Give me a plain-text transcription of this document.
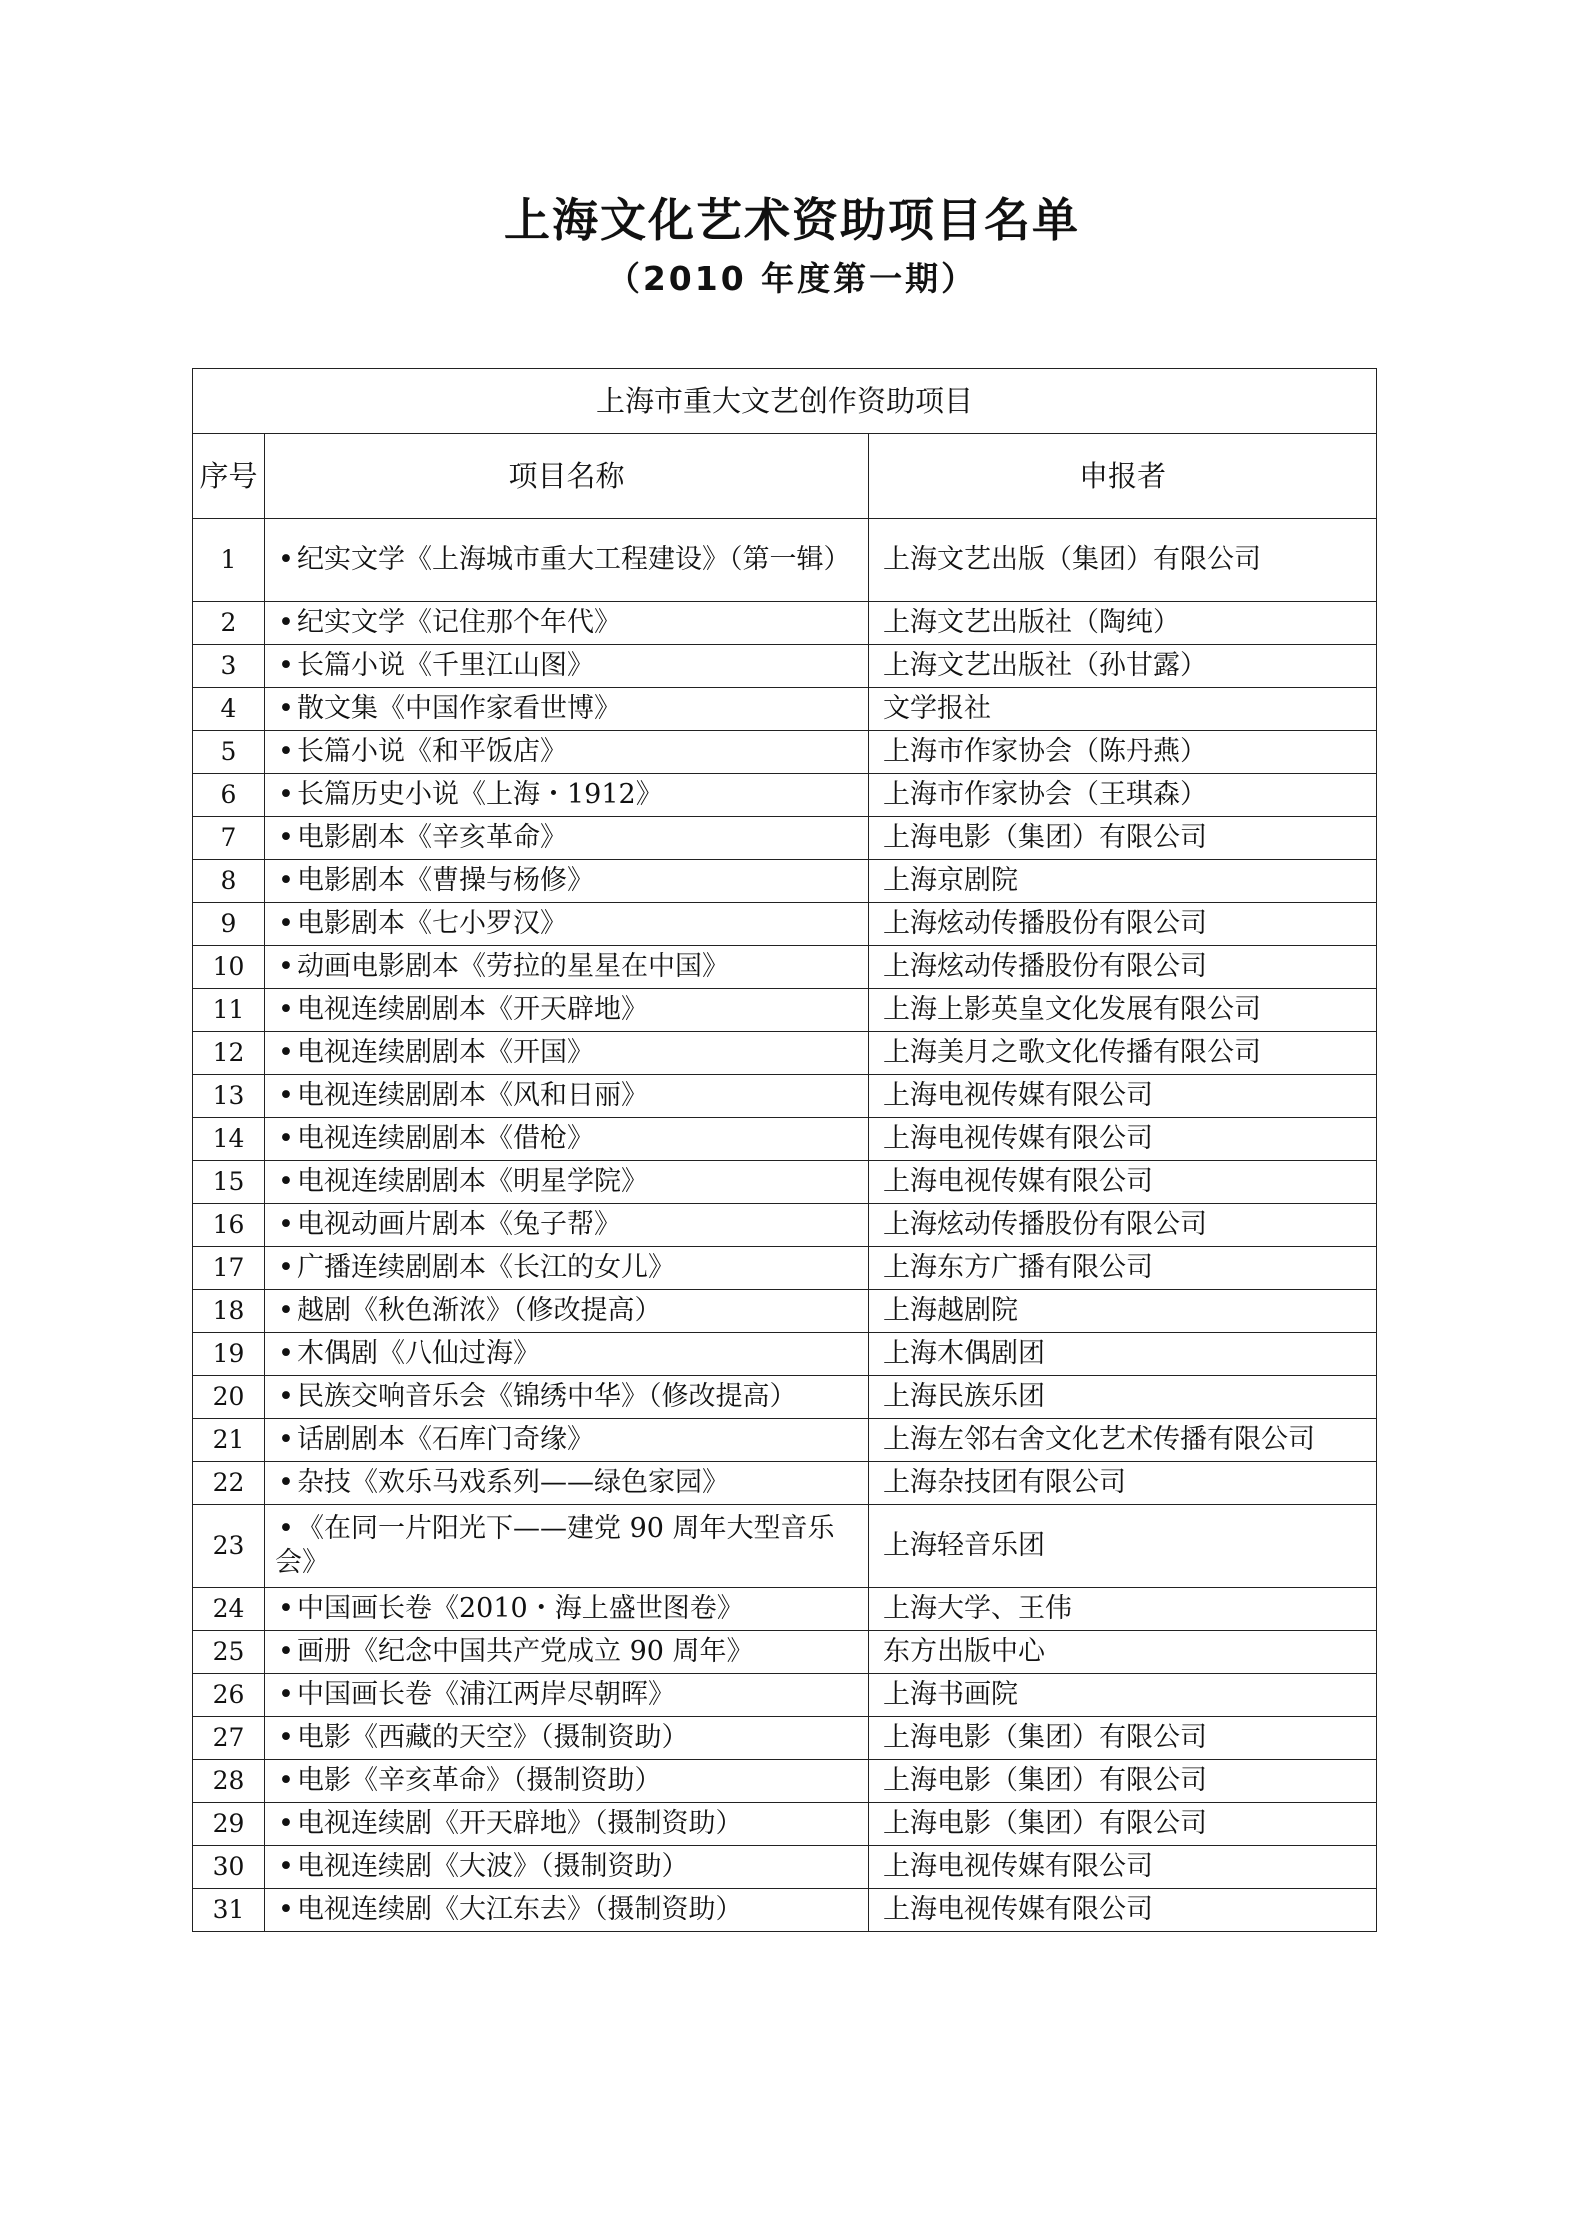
上海文化艺术资助项目名单
（2010 年度第一期）
上海市重大文艺创作资助项目		
序号	项目名称	申报者
1	• 纪实文学《上海城市重大工程建设》（第一辑）	上海文艺出版（集团）有限公司
2	• 纪实文学《记住那个年代》	上海文艺出版社（陶纯）
3	• 长篇小说《千里江山图》	上海文艺出版社（孙甘露）
4	• 散文集《中国作家看世博》	文学报社
5	• 长篇小说《和平饭店》	上海市作家协会（陈丹燕）
6	• 长篇历史小说《上海・1912》	上海市作家协会（王琪森）
7	• 电影剧本《辛亥革命》	上海电影（集团）有限公司
8	• 电影剧本《曹操与杨修》	上海京剧院
9	• 电影剧本《七小罗汉》	上海炫动传播股份有限公司
10	• 动画电影剧本《劳拉的星星在中国》	上海炫动传播股份有限公司
11	• 电视连续剧剧本《开天辟地》	上海上影英皇文化发展有限公司
12	• 电视连续剧剧本《开国》	上海美月之歌文化传播有限公司
13	• 电视连续剧剧本《风和日丽》	上海电视传媒有限公司
14	• 电视连续剧剧本《借枪》	上海电视传媒有限公司
15	• 电视连续剧剧本《明星学院》	上海电视传媒有限公司
16	• 电视动画片剧本《兔子帮》	上海炫动传播股份有限公司
17	• 广播连续剧剧本《长江的女儿》	上海东方广播有限公司
18	• 越剧《秋色渐浓》（修改提高）	上海越剧院
19	• 木偶剧《八仙过海》	上海木偶剧团
20	• 民族交响音乐会《锦绣中华》（修改提高）	上海民族乐团
21	• 话剧剧本《石库门奇缘》	上海左邻右舍文化艺术传播有限公司
22	• 杂技《欢乐马戏系列——绿色家园》	上海杂技团有限公司
23	• 《在同一片阳光下——建党 90 周年大型音乐会》	上海轻音乐团
24	• 中国画长卷《2010・海上盛世图卷》	上海大学、王伟
25	• 画册《纪念中国共产党成立 90 周年》	东方出版中心
26	• 中国画长卷《浦江两岸尽朝晖》	上海书画院
27	• 电影《西藏的天空》（摄制资助）	上海电影（集团）有限公司
28	• 电影《辛亥革命》（摄制资助）	上海电影（集团）有限公司
29	• 电视连续剧《开天辟地》（摄制资助）	上海电影（集团）有限公司
30	• 电视连续剧《大波》（摄制资助）	上海电视传媒有限公司
31	• 电视连续剧《大江东去》（摄制资助）	上海电视传媒有限公司
